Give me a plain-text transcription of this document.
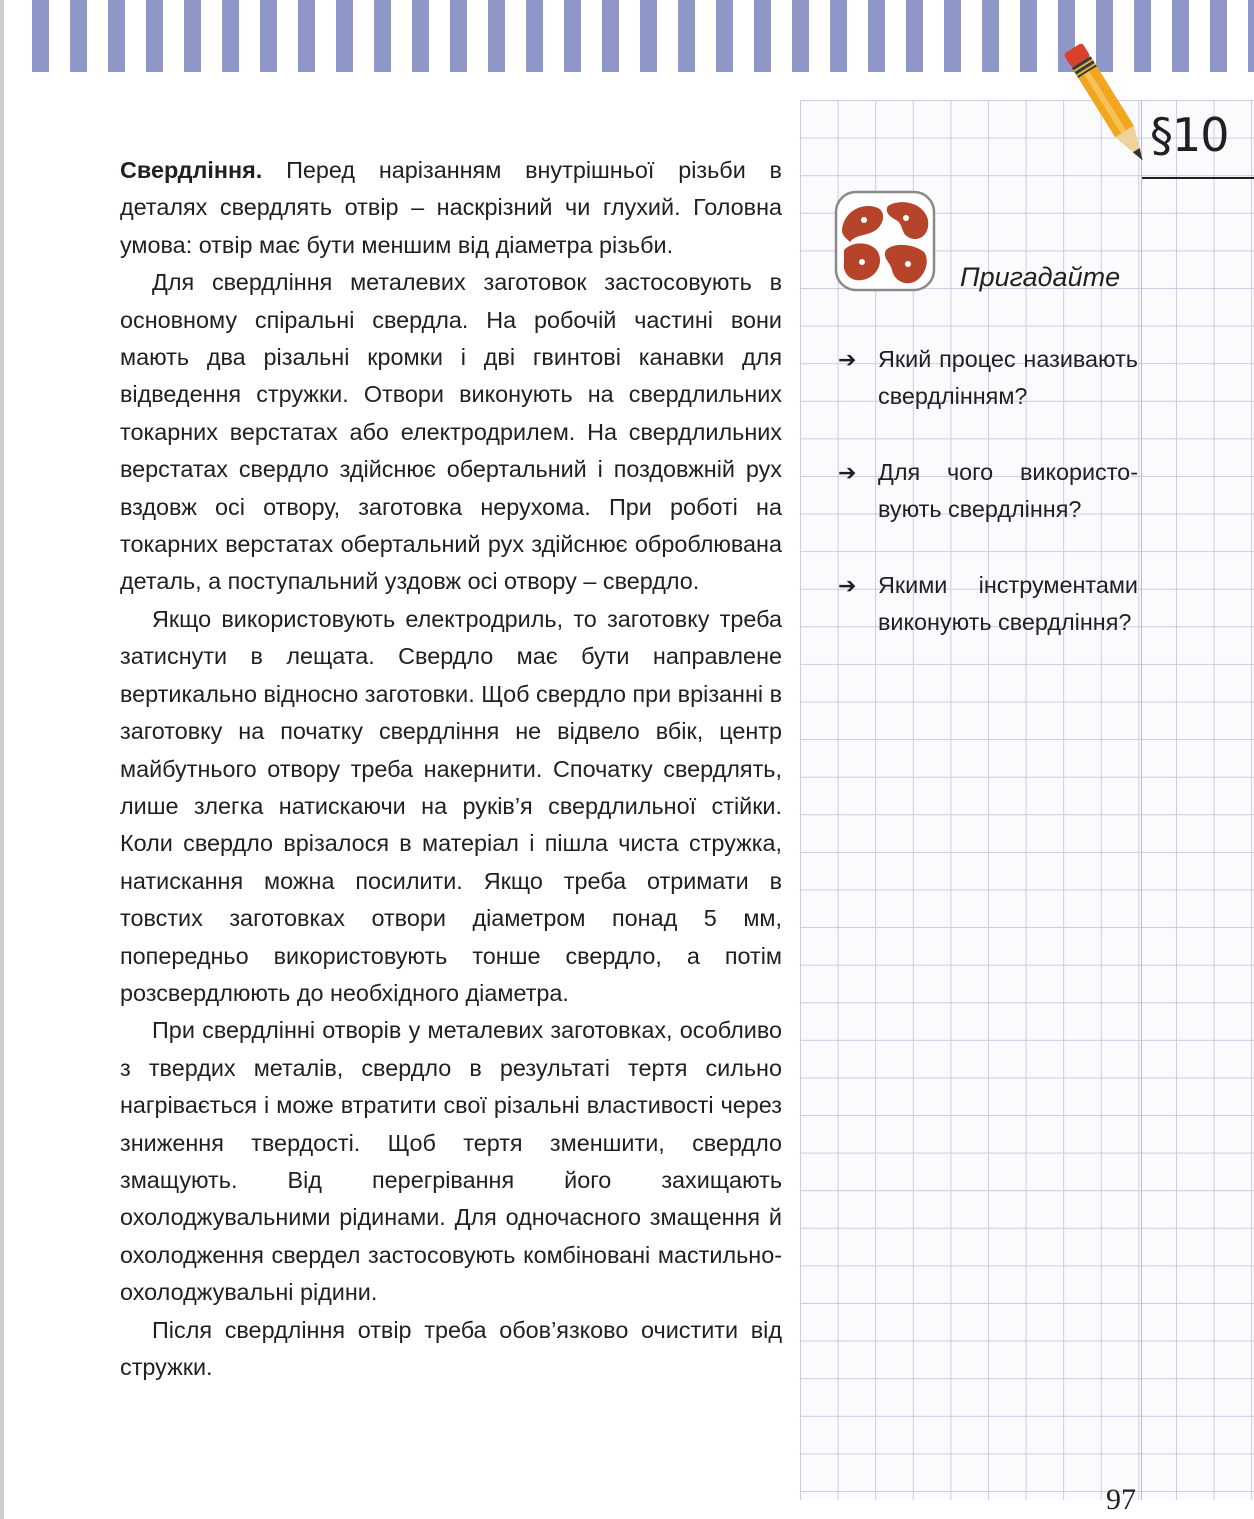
§10

Свердління. Перед нарізанням внутрішньої різьби в деталях свердлять отвір – наскрізний чи глухий. Головна умова: отвір має бути меншим від діаметра різьби.

Для свердління металевих заготовок застосовують в основному спіральні свердла. На робочій частині вони мають два різальні кромки і дві гвинтові канавки для відведення стружки. Отвори виконують на свердлильних токарних верстатах або електродрилем. На свердлильних верстатах свердло здійснює обертальний і поздовжній рух вздовж осі отвору, заготовка нерухома. При роботі на токарних верстатах обертальний рух здійснює оброблювана деталь, а поступальний уздовж осі отвору – свердло.

Якщо використовують електродриль, то заготовку треба затиснути в лещата. Свердло має бути направлене вертикально відносно заготовки. Щоб свердло при врізанні в заготовку на початку свердління не відвело вбік, центр майбутнього отвору треба накернити. Спочатку свердлять, лише злегка натискаючи на руків’я свердлильної стійки. Коли свердло врізалося в матеріал і пішла чиста стружка, натискання можна посилити. Якщо треба отримати в товстих заготовках отвори діаметром понад 5 мм, попередньо використовують тонше свердло, а потім розсвердлюють до необхідного діаметра.

При свердлінні отворів у металевих заготовках, особливо з твердих металів, свердло в результаті тертя сильно нагрівається і може втратити свої різальні властивості через зниження твердості. Щоб тертя зменшити, свердло змащують. Від перегрівання його захищають охолоджувальними рідинами. Для одночасного змащення й охолодження свердел застосовують комбіновані мастильно-охолоджувальні рідини.

Після свердління отвір треба обов’язково очистити від стружки.

Пригадайте
➔ Який процес називають свердлінням?
➔ Для чого використовують свердління?
➔ Якими інструментами виконують свердління?
97
